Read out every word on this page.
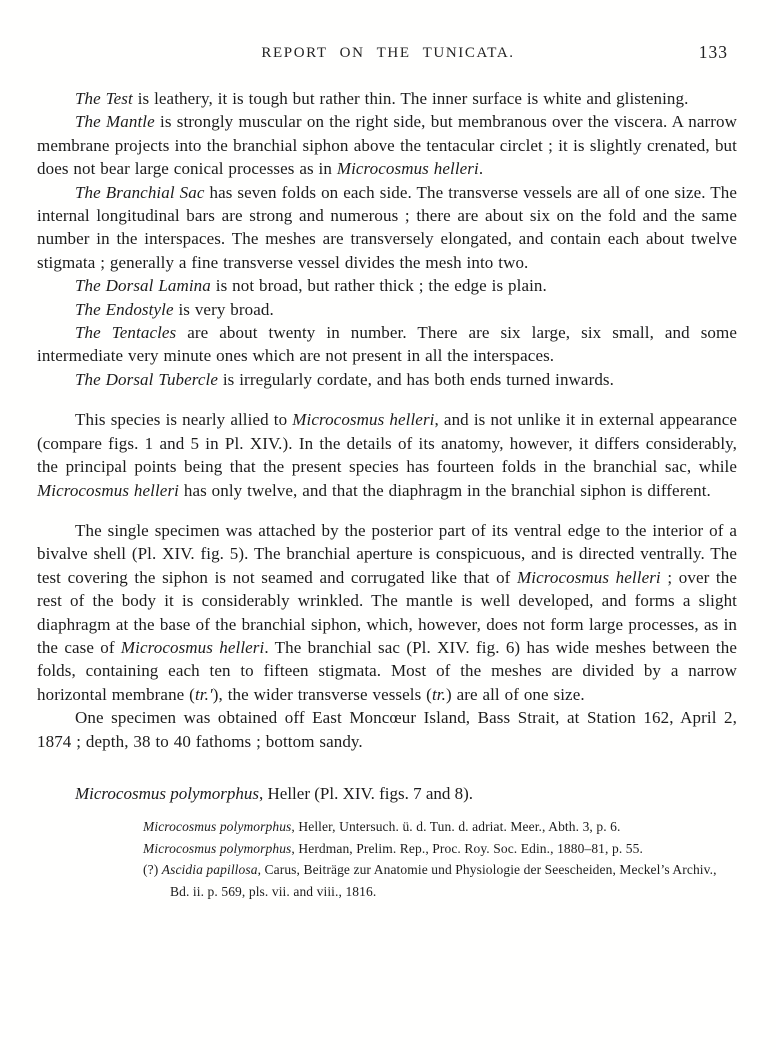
REPORT ON THE TUNICATA.	133

The Test is leathery, it is tough but rather thin. The inner surface is white and glistening.

The Mantle is strongly muscular on the right side, but membranous over the viscera. A narrow membrane projects into the branchial siphon above the tentacular circlet ; it is slightly crenated, but does not bear large conical processes as in Microcosmus helleri.

The Branchial Sac has seven folds on each side. The transverse vessels are all of one size. The internal longitudinal bars are strong and numerous ; there are about six on the fold and the same number in the interspaces. The meshes are transversely elongated, and contain each about twelve stigmata ; generally a fine transverse vessel divides the mesh into two.

The Dorsal Lamina is not broad, but rather thick ; the edge is plain.

The Endostyle is very broad.

The Tentacles are about twenty in number. There are six large, six small, and some intermediate very minute ones which are not present in all the interspaces.

The Dorsal Tubercle is irregularly cordate, and has both ends turned inwards.

This species is nearly allied to Microcosmus helleri, and is not unlike it in external appearance (compare figs. 1 and 5 in Pl. XIV.). In the details of its anatomy, however, it differs considerably, the principal points being that the present species has fourteen folds in the branchial sac, while Microcosmus helleri has only twelve, and that the diaphragm in the branchial siphon is different.

The single specimen was attached by the posterior part of its ventral edge to the interior of a bivalve shell (Pl. XIV. fig. 5). The branchial aperture is conspicuous, and is directed ventrally. The test covering the siphon is not seamed and corrugated like that of Microcosmus helleri ; over the rest of the body it is considerably wrinkled. The mantle is well developed, and forms a slight diaphragm at the base of the branchial siphon, which, however, does not form large processes, as in the case of Microcosmus helleri. The branchial sac (Pl. XIV. fig. 6) has wide meshes between the folds, containing each ten to fifteen stigmata. Most of the meshes are divided by a narrow horizontal membrane (tr.′), the wider transverse vessels (tr.) are all of one size.

One specimen was obtained off East Moncœur Island, Bass Strait, at Station 162, April 2, 1874 ; depth, 38 to 40 fathoms ; bottom sandy.

Microcosmus polymorphus, Heller (Pl. XIV. figs. 7 and 8).

Microcosmus polymorphus, Heller, Untersuch. ü. d. Tun. d. adriat. Meer., Abth. 3, p. 6.

Microcosmus polymorphus, Herdman, Prelim. Rep., Proc. Roy. Soc. Edin., 1880–81, p. 55.

(?) Ascidia papillosa, Carus, Beiträge zur Anatomie und Physiologie der Seescheiden, Meckel’s Archiv., Bd. ii. p. 569, pls. vii. and viii., 1816.
